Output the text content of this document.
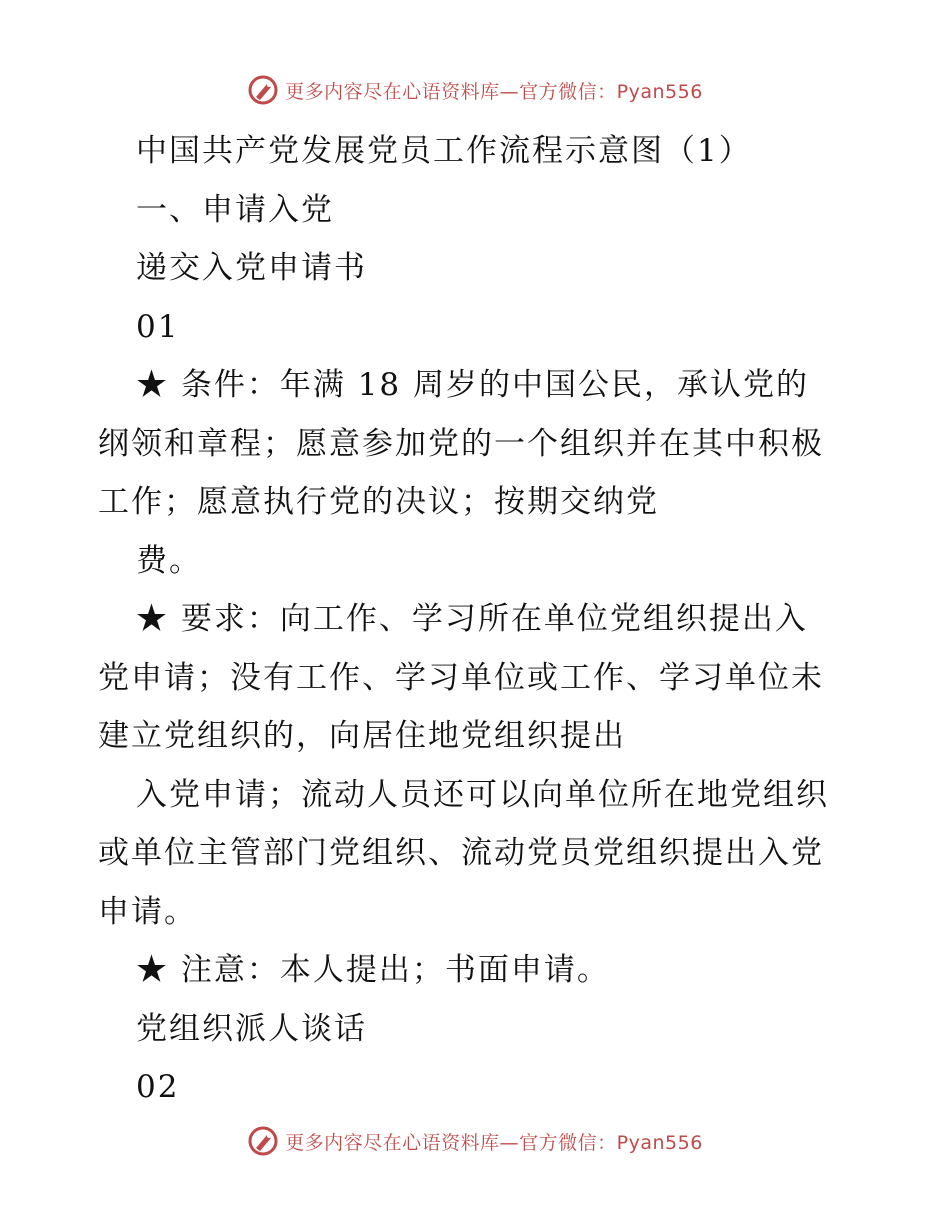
更多内容尽在心语资料库—官方微信：Pyan556
中国共产党发展党员工作流程示意图（1）
一、申请入党
递交入党申请书
01
★ 条件：年满 18 周岁的中国公民，承认党的
纲领和章程；愿意参加党的一个组织并在其中积极
工作；愿意执行党的决议；按期交纳党
费。
★ 要求：向工作、学习所在单位党组织提出入
党申请；没有工作、学习单位或工作、学习单位未
建立党组织的，向居住地党组织提出
入党申请；流动人员还可以向单位所在地党组织
或单位主管部门党组织、流动党员党组织提出入党
申请。
★ 注意：本人提出；书面申请。
党组织派人谈话
02
更多内容尽在心语资料库—官方微信：Pyan556
